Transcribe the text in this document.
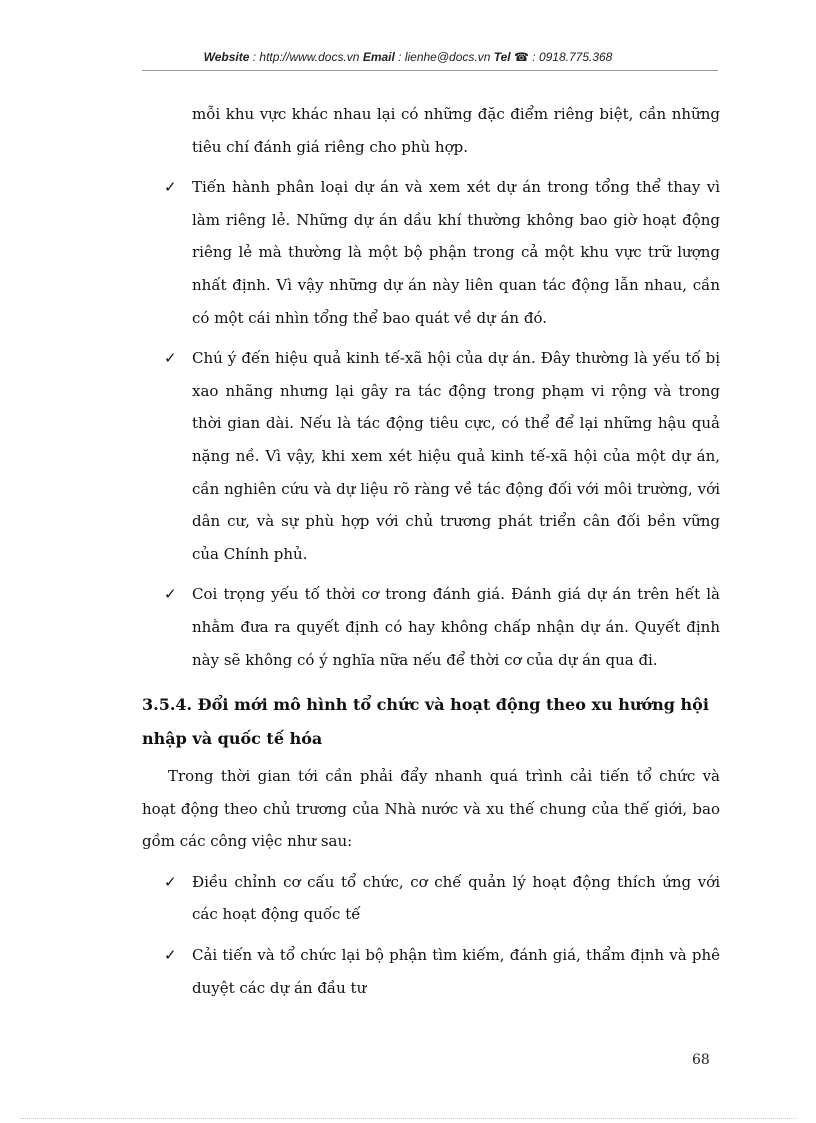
Website : http://www.docs.vn Email : lienhe@docs.vn Tel ☎ : 0918.775.368

mỗi khu vực khác nhau lại có những đặc điểm riêng biệt, cần những tiêu chí đánh giá riêng cho phù hợp.

✓ Tiến hành phân loại dự án và xem xét dự án trong tổng thể thay vì làm riêng lẻ. Những dự án dầu khí thường không bao giờ hoạt động riêng lẻ mà thường là một bộ phận trong cả một khu vực trữ lượng nhất định. Vì vậy những dự án này liên quan tác động lẫn nhau, cần có một cái nhìn tổng thể bao quát về dự án đó.

✓ Chú ý đến hiệu quả kinh tế-xã hội của dự án. Đây thường là yếu tố bị xao nhãng nhưng lại gây ra tác động trong phạm vi rộng và trong thời gian dài. Nếu là tác động tiêu cực, có thể để lại những hậu quả nặng nề. Vì vậy, khi xem xét hiệu quả kinh tế-xã hội của một dự án, cần nghiên cứu và dự liệu rõ ràng về tác động đối với môi trường, với dân cư, và sự phù hợp với chủ trương phát triển cân đối bền vững của Chính phủ.

✓ Coi trọng yếu tố thời cơ trong đánh giá. Đánh giá dự án trên hết là nhằm đưa ra quyết định có hay không chấp nhận dự án. Quyết định này sẽ không có ý nghĩa nữa nếu để thời cơ của dự án qua đi.

3.5.4. Đổi mới mô hình tổ chức và hoạt động theo xu hướng hội nhập và quốc tế hóa

Trong thời gian tới cần phải đẩy nhanh quá trình cải tiến tổ chức và hoạt động theo chủ trương của Nhà nước và xu thế chung của thế giới, bao gồm các công việc như sau:

✓ Điều chỉnh cơ cấu tổ chức, cơ chế quản lý hoạt động thích ứng với các hoạt động quốc tế

✓ Cải tiến và tổ chức lại bộ phận tìm kiếm, đánh giá, thẩm định và phê duyệt các dự án đầu tư

68
